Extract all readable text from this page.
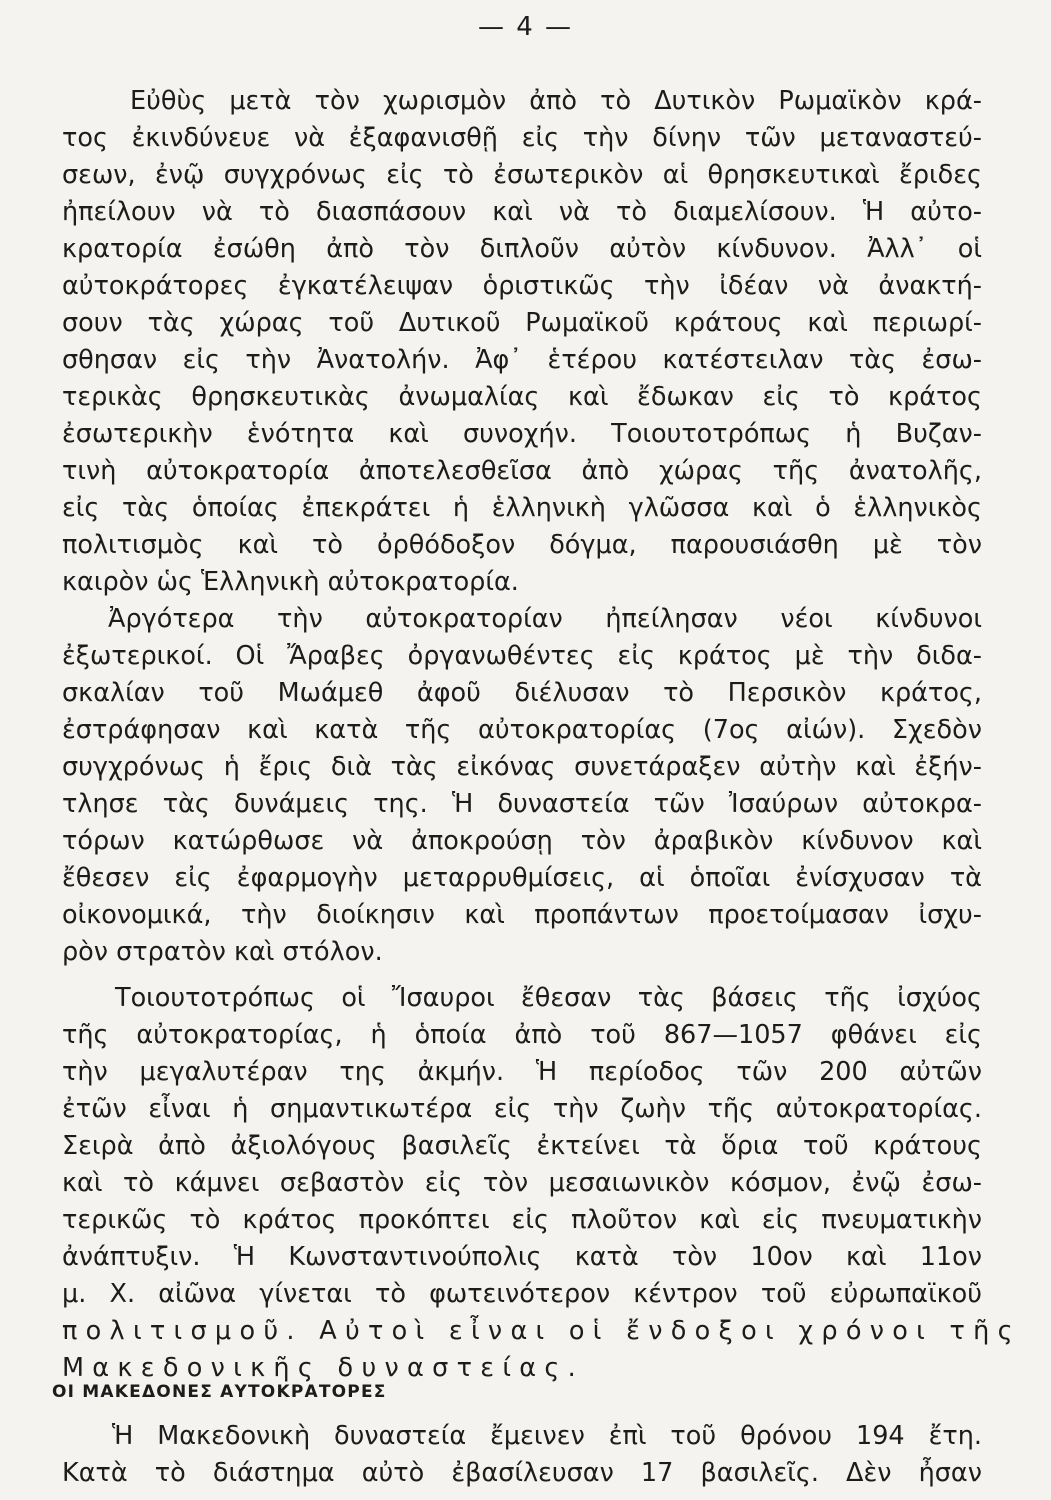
— 4 —
Εὐθὺς μετὰ τὸν χωρισμὸν ἀπὸ τὸ Δυτικὸν Ρωμαϊκὸν κρά-
τος ἐκινδύνευε νὰ ἐξαφανισθῇ εἰς τὴν δίνην τῶν μεταναστεύ-
σεων, ἐνῷ συγχρόνως εἰς τὸ ἐσωτερικὸν αἱ θρησκευτικαὶ ἔριδες
ἠπείλουν νὰ τὸ διασπάσουν καὶ νὰ τὸ διαμελίσουν. Ἡ αὐτο-
κρατορία ἐσώθη ἀπὸ τὸν διπλοῦν αὐτὸν κίνδυνον. Ἀλλ᾽ οἱ
αὐτοκράτορες ἐγκατέλειψαν ὁριστικῶς τὴν ἰδέαν νὰ ἀνακτή-
σουν τὰς χώρας τοῦ Δυτικοῦ Ρωμαϊκοῦ κράτους καὶ περιωρί-
σθησαν εἰς τὴν Ἀνατολήν. Ἀφ᾽ ἑτέρου κατέστειλαν τὰς ἐσω-
τερικὰς θρησκευτικὰς ἀνωμαλίας καὶ ἔδωκαν εἰς τὸ κράτος
ἐσωτερικὴν ἑνότητα καὶ συνοχήν. Τοιουτοτρόπως ἡ Βυζαν-
τινὴ αὐτοκρατορία ἀποτελεσθεῖσα ἀπὸ χώρας τῆς ἀνατολῆς,
εἰς τὰς ὁποίας ἐπεκράτει ἡ ἑλληνικὴ γλῶσσα καὶ ὁ ἑλληνικὸς
πολιτισμὸς καὶ τὸ ὀρθόδοξον δόγμα, παρουσιάσθη μὲ τὸν
καιρὸν ὡς Ἑλληνικὴ αὐτοκρατορία.
Ἀργότερα τὴν αὐτοκρατορίαν ἠπείλησαν νέοι κίνδυνοι
ἐξωτερικοί. Οἱ Ἄραβες ὀργανωθέντες εἰς κράτος μὲ τὴν διδα-
σκαλίαν τοῦ Μωάμεθ ἀφοῦ διέλυσαν τὸ Περσικὸν κράτος,
ἐστράφησαν καὶ κατὰ τῆς αὐτοκρατορίας (7ος αἰών). Σχεδὸν
συγχρόνως ἡ ἔρις διὰ τὰς εἰκόνας συνετάραξεν αὐτὴν καὶ ἐξήν-
τλησε τὰς δυνάμεις της. Ἡ δυναστεία τῶν Ἰσαύρων αὐτοκρα-
τόρων κατώρθωσε νὰ ἀποκρούσῃ τὸν ἀραβικὸν κίνδυνον καὶ
ἔθεσεν εἰς ἐφαρμογὴν μεταρρυθμίσεις, αἱ ὁποῖαι ἐνίσχυσαν τὰ
οἰκονομικά, τὴν διοίκησιν καὶ προπάντων προετοίμασαν ἰσχυ-
ρὸν στρατὸν καὶ στόλον.
Τοιουτοτρόπως οἱ Ἴσαυροι ἔθεσαν τὰς βάσεις τῆς ἰσχύος
τῆς αὐτοκρατορίας, ἡ ὁποία ἀπὸ τοῦ 867—1057 φθάνει εἰς
τὴν μεγαλυτέραν της ἀκμήν. Ἡ περίοδος τῶν 200 αὐτῶν
ἐτῶν εἶναι ἡ σημαντικωτέρα εἰς τὴν ζωὴν τῆς αὐτοκρατορίας.
Σειρὰ ἀπὸ ἀξιολόγους βασιλεῖς ἐκτείνει τὰ ὅρια τοῦ κράτους
καὶ τὸ κάμνει σεβαστὸν εἰς τὸν μεσαιωνικὸν κόσμον, ἐνῷ ἐσω-
τερικῶς τὸ κράτος προκόπτει εἰς πλοῦτον καὶ εἰς πνευματικὴν
ἀνάπτυξιν. Ἡ Κωνσταντινούπολις κατὰ τὸν 10ον καὶ 11ον
μ. Χ. αἰῶνα γίνεται τὸ φωτεινότερον κέντρον τοῦ εὐρωπαϊκοῦ
πολιτισμοῦ. Αὐτοὶ εἶναι οἱ ἔνδοξοι χρόνοι τῆς
Μακεδονικῆς δυναστείας.
ΟΙ ΜΑΚΕΔΟΝΕΣ ΑΥΤΟΚΡΑΤΟΡΕΣ
Ἡ Μακεδονικὴ δυναστεία ἔμεινεν ἐπὶ τοῦ θρόνου 194 ἔτη.
Κατὰ τὸ διάστημα αὐτὸ ἐβασίλευσαν 17 βασιλεῖς. Δὲν ἦσαν
